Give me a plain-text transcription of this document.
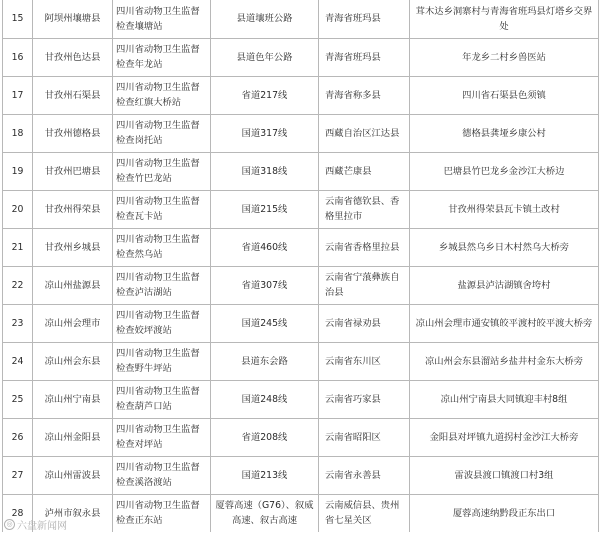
15	阿坝州壤塘县	四川省动物卫生监督检查壤塘站	县道壤班公路	青海省班玛县	茸木达乡洞寨村与青海省班玛县灯塔乡交界处
16	甘孜州色达县	四川省动物卫生监督检查年龙站	县道色年公路	青海省班玛县	年龙乡二村乡兽医站
17	甘孜州石渠县	四川省动物卫生监督检查红旗大桥站	省道217线	青海省称多县	四川省石渠县色须镇
18	甘孜州德格县	四川省动物卫生监督检查岗托站	国道317线	西藏自治区江达县	德格县龚垭乡康公村
19	甘孜州巴塘县	四川省动物卫生监督检查竹巴龙站	国道318线	西藏芒康县	巴塘县竹巴龙乡金沙江大桥边
20	甘孜州得荣县	四川省动物卫生监督检查瓦卡站	国道215线	云南省德钦县、香格里拉市	甘孜州得荣县瓦卡镇土改村
21	甘孜州乡城县	四川省动物卫生监督检查然乌站	省道460线	云南省香格里拉县	乡城县然乌乡日木村然乌大桥旁
22	凉山州盐源县	四川省动物卫生监督检查泸沽湖站	省道307线	云南省宁蒗彝族自治县	盐源县泸沽湖镇舍垮村
23	凉山州会理市	四川省动物卫生监督检查姣坪渡站	国道245线	云南省禄劝县	凉山州会理市通安镇皎平渡村皎平渡大桥旁
24	凉山州会东县	四川省动物卫生监督检查野牛坪站	县道东会路	云南省东川区	凉山州会东县溜站乡盐井村金东大桥旁
25	凉山州宁南县	四川省动物卫生监督检查葫芦口站	国道248线	云南省巧家县	凉山州宁南县大同镇迎丰村8组
26	凉山州金阳县	四川省动物卫生监督检查对坪站	省道208线	云南省昭阳区	金阳县对坪镇九道拐村金沙江大桥旁
27	凉山州雷波县	四川省动物卫生监督检查溪洛渡站	国道213线	云南省永善县	雷波县渡口镇渡口村3组
28	泸州市叙永县	四川省动物卫生监督检查正东站	厦蓉高速（G76）、叙威高速、叙古高速	云南威信县、贵州省七星关区	厦蓉高速纳黔段正东出口
◎ 六盘新闻网
